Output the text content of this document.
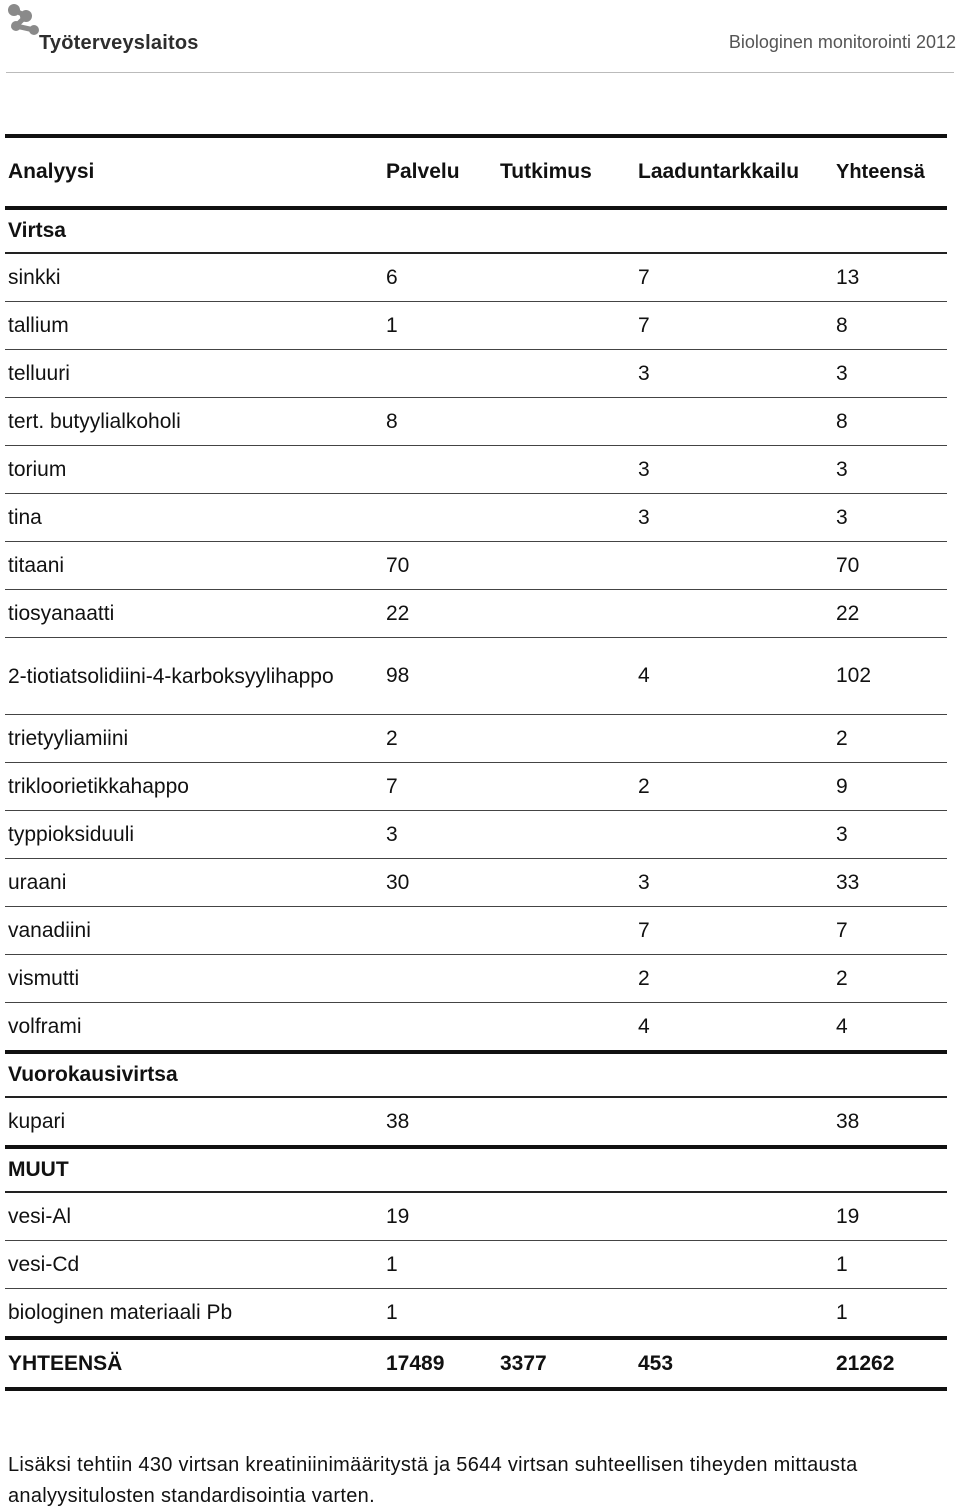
Työterveyslaitos	Biologinen monitorointi 2012
Analyysi	Palvelu	Tutkimus	Laaduntarkkailu	Yhteensä
Virtsa				
sinkki	6		7	13
tallium	1		7	8
telluuri			3	3
tert. butyylialkoholi	8			8
torium			3	3
tina			3	3
titaani	70			70
tiosyanaatti	22			22
2-tiotiatsolidiini-4-karboksyylihappo	98		4	102
trietyyliamiini	2			2
trikloorietikkahappo	7		2	9
typpioksiduuli	3			3
uraani	30		3	33
vanadiini			7	7
vismutti			2	2
volframi			4	4
Vuorokausivirtsa				
kupari	38			38
MUUT				
vesi-Al	19			19
vesi-Cd	1			1
biologinen materiaali Pb	1			1
YHTEENSÄ	17489	3377	453	21262
Lisäksi tehtiin 430 virtsan kreatiniinimääritystä ja 5644 virtsan suhteellisen tiheyden mittausta analyysitulosten standardisointia varten.
